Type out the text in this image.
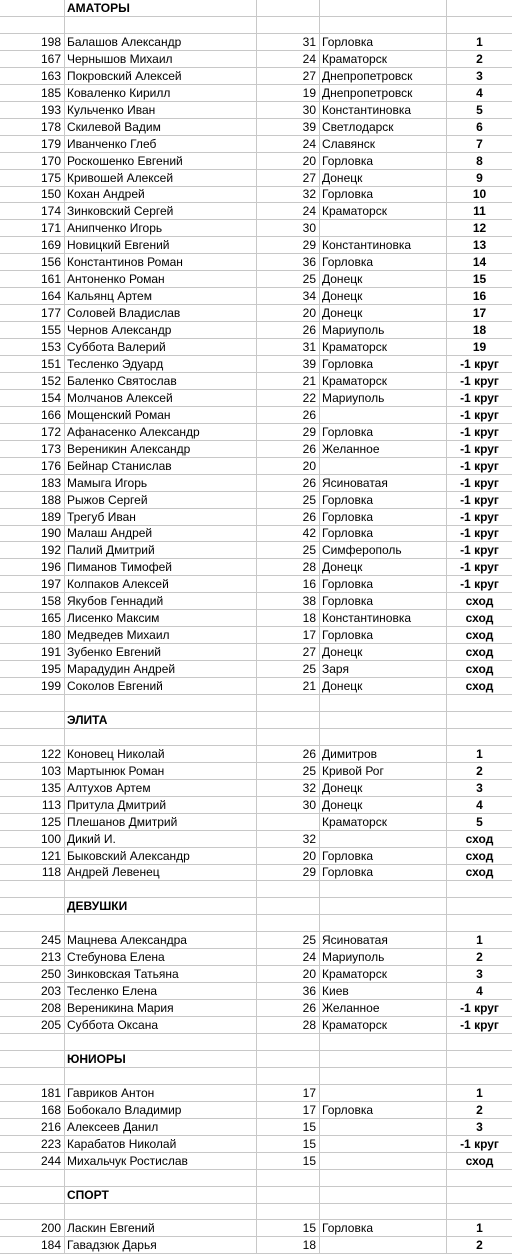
АМАТОРЫ
198 Балашов Александр	31 Горловка	1
167 Чернышов Михаил	24 Краматорск	2
163 Покровский Алексей	27 Днепропетровск	3
185 Коваленко Кирилл	19 Днепропетровск	4
193 Кульченко Иван	30 Константиновка	5
178 Скилевой Вадим	39 Светлодарск	6
179 Иванченко Глеб	24 Славянск	7
170 Роскошенко Евгений	20 Горловка	8
175 Кривошей Алексей	27 Донецк	9
150 Кохан Андрей	32 Горловка	10
174 Зинковский Сергей	24 Краматорск	11
171 Анипченко Игорь	30	12
169 Новицкий Евгений	29 Константиновка	13
156 Константинов Роман	36 Горловка	14
161 Антоненко Роман	25 Донецк	15
164 Кальянц Артем	34 Донецк	16
177 Соловей Владислав	20 Донецк	17
155 Чернов Александр	26 Мариуполь	18
153 Суббота Валерий	31 Краматорск	19
151 Тесленко Эдуард	39 Горловка	-1 круг
152 Баленко Святослав	21 Краматорск	-1 круг
154 Молчанов Алексей	22 Мариуполь	-1 круг
166 Мощенский Роман	26	-1 круг
172 Афанасенко Александр	29 Горловка	-1 круг
173 Вереникин Александр	26 Желанное	-1 круг
176 Бейнар Станислав	20	-1 круг
183 Мамыга Игорь	26 Ясиноватая	-1 круг
188 Рыжов Сергей	25 Горловка	-1 круг
189 Трегуб Иван	26 Горловка	-1 круг
190 Малаш Андрей	42 Горловка	-1 круг
192 Палий Дмитрий	25 Симферополь	-1 круг
196 Пиманов Тимофей	28 Донецк	-1 круг
197 Колпаков Алексей	16 Горловка	-1 круг
158 Якубов Геннадий	38 Горловка	сход
165 Лисенко Максим	18 Константиновка	сход
180 Медведев Михаил	17 Горловка	сход
191 Зубенко Евгений	27 Донецк	сход
195 Марадудин Андрей	25 Заря	сход
199 Соколов Евгений	21 Донецк	сход
ЭЛИТА
122 Коновец Николай	26 Димитров	1
103 Мартынюк Роман	25 Кривой Рог	2
135 Алтухов Артем	32 Донецк	3
113 Притула Дмитрий	30 Донецк	4
125 Плешанов Дмитрий	Краматорск	5
100 Дикий И.	32	сход
121 Быковский Александр	20 Горловка	сход
118 Андрей Левенец	29 Горловка	сход
ДЕВУШКИ
245 Мацнева Александра	25 Ясиноватая	1
213 Стебунова Елена	24 Мариуполь	2
250 Зинковская Татьяна	20 Краматорск	3
203 Тесленко Елена	36 Киев	4
208 Вереникина Мария	26 Желанное	-1 круг
205 Суббота Оксана	28 Краматорск	-1 круг
ЮНИОРЫ
181 Гавриков Антон	17	1
168 Бобокало Владимир	17 Горловка	2
216 Алексеев Данил	15	3
223 Карабатов Николай	15	-1 круг
244 Михальчук Ростислав	15	сход
СПОРТ
200 Ласкин Евгений	15 Горловка	1
184 Гавадзюк Дарья	18	2
